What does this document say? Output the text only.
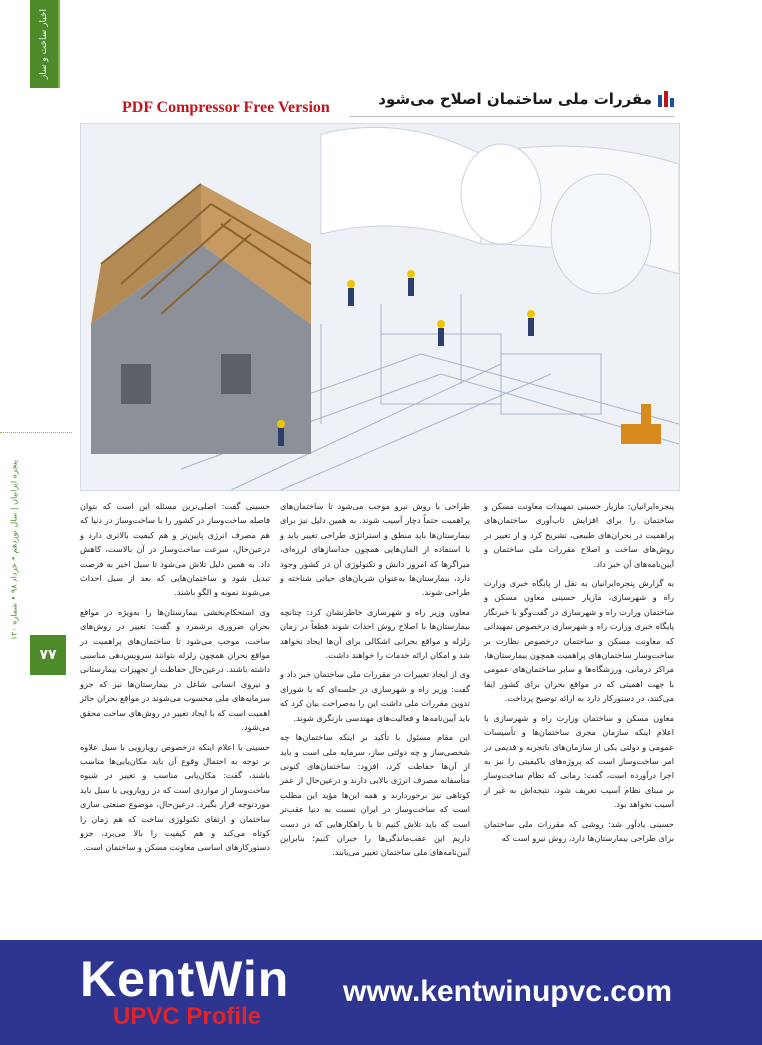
اخبار ساخت و ساز
PDF Compressor Free Version	مقررات ملی ساختمان اصلاح می‌شود

پنجره‌ایرانیان: مازیار حسینی تمهیدات معاونت مسکن و ساختمان را برای افزایش تاب‌آوری ساختمان‌های پراهمیت در بحران‌های طبیعی، تشریح کرد و از تغییر در روش‌های ساخت و اصلاح مقررات ملی ساختمان و آیین‌نامه‌های آن خبر داد.

به گزارش پنجره‌ایرانیان به نقل از پایگاه خبری وزارت راه و شهرسازی، مازیار حسینی معاون مسکن و ساختمان وزارت راه و شهرسازی در گفت‌وگو با خبرنگار پایگاه خبری وزارت راه و شهرسازی درخصوص تمهیداتی که معاونت مسکن و ساختمان درخصوص نظارت بر ساخت‌وساز ساختمان‌های پراهمیت همچون بیمارستان‌ها، مراکز درمانی، ورزشگاه‌ها و سایر ساختمان‌های عمومی با جهت اهمیتی که در مواقع بحران برای کشور ایفا می‌کنند، در دستورکار دارد به ارائه توضیح پرداخت.

معاون مسکن و ساختمان وزارت راه و شهرسازی با اعلام اینکه سازمان مجری ساختمان‌ها و تأسیسات عمومی و دولتی یکی از سازمان‌های باتجربه و قدیمی در امر ساخت‌وساز است که پروژه‌های باکیفیتی را نیز به اجرا درآورده است، گفت: زمانی که نظام ساخت‌وساز بر مبنای نظام آسیب تعریف شود، نتیجه‌اش به غیر از آسیب نخواهد بود.

حسینی یادآور شد: روشی که مقررات ملی ساختمان برای طراحی بیمارستان‌ها دارد، روش نیرو است که

طراحی با روش نیرو موجب می‌شود تا ساختمان‌های پراهمیت حتماً دچار آسیب شوند. به همین دلیل نیز برای بیمارستان‌ها باید منطق و استراتژی طراحی تغییر یابد و با استفاده از المان‌هایی همچون جداسازهای لرزه‌ای، میراگرها که امروز دانش و تکنولوژی آن در کشور وجود دارد، بیمارستان‌ها به‌عنوان شریان‌های حیاتی شناخته و طراحی شوند.

معاون وزیر راه و شهرسازی خاطرنشان کرد: چنانچه بیمارستان‌ها با اصلاح روش احداث شوند قطعاً در زمان زلزله و مواقع بحرانی اشکالی برای آن‌ها ایجاد نخواهد شد و امکان ارائه خدمات را خواهند داشت.

وی از ایجاد تغییرات در مقررات ملی ساختمان خبر داد و گفت: وزیر راه و شهرسازی در جلسه‌ای که با شورای تدوین مقررات ملی داشت این را به‌صراحت بیان کرد که باید آیین‌نامه‌ها و فعالیت‌های مهندسی بازنگری شوند.

این مقام مسئول با تأکید بر اینکه ساختمان‌ها چه شخصی‌ساز و چه دولتی ساز، سرمایه ملی است و باید از آن‌ها حفاظت کرد، افزود: ساختمان‌های کنونی متأسفانه مصرف انرژی بالایی دارند و درعین‌حال از عمر کوتاهی نیز برخوردارند و همه این‌ها مؤید این مطلب است که ساخت‌وساز در ایران نسبت به دنیا عقب‌تر است که باید تلاش کنیم تا با راهکارهایی که در دست داریم این عقب‌ماندگی‌ها را جبران کنیم؛ بنابراین آیین‌نامه‌های ملی ساختمان تغییر می‌یابند.

حسینی گفت: اصلی‌ترین مسئله این است که بتوان فاصله ساخت‌وساز در کشور را با ساخت‌وساز در دنیا که هم مصرف انرژی پایین‌تر و هم کیفیت بالاتری دارد و درعین‌حال، سرعت ساخت‌وساز در آن بالاست، کاهش داد. به همین دلیل تلاش می‌شود تا سیل اخیر به فرصت تبدیل شود و ساختمان‌هایی که بعد از سیل احداث می‌شوند نمونه و الگو باشند.

وی استحکام‌بخشی بیمارستان‌ها را به‌ویژه در مواقع بحران ضروری برشمرد و گفت: تغییر در روش‌های ساخت، موجب می‌شود تا ساختمان‌های پراهمیت در مواقع بحران همچون زلزله بتوانند سرویس‌دهی مناسبی داشته باشند. درعین‌حال حفاظت از تجهیزات بیمارستانی و نیروی انسانی شاغل در بیمارستان‌ها نیز که جزو سرمایه‌های ملی محسوب می‌شوند در مواقع بحران حائز اهمیت است که با ایجاد تغییر در روش‌های ساخت محقق می‌شود.

حسینی با اعلام اینکه درخصوص رویارویی با سیل علاوه بر توجه به احتمال وقوع آن باید مکان‌یابی‌ها مناسب باشند، گفت: مکان‌یابی مناسب و تغییر در شیوه ساخت‌وساز از مواردی است که در رویارویی با سیل باید موردتوجه قرار بگیرد. درعین‌حال، موضوع صنعتی سازی ساختمان و ارتقای تکنولوژی ساخت که هم زمان را کوتاه می‌کند و هم کیفیت را بالا می‌برد، جزو دستورکارهای اساسی معاونت مسکن و ساختمان است.

پنجره ایرانیان | سال نوزدهم • خرداد ۹۸ • شماره ۱۲۰
۷۷
KentWin
UPVC Profile
www.kentwinupvc.com
